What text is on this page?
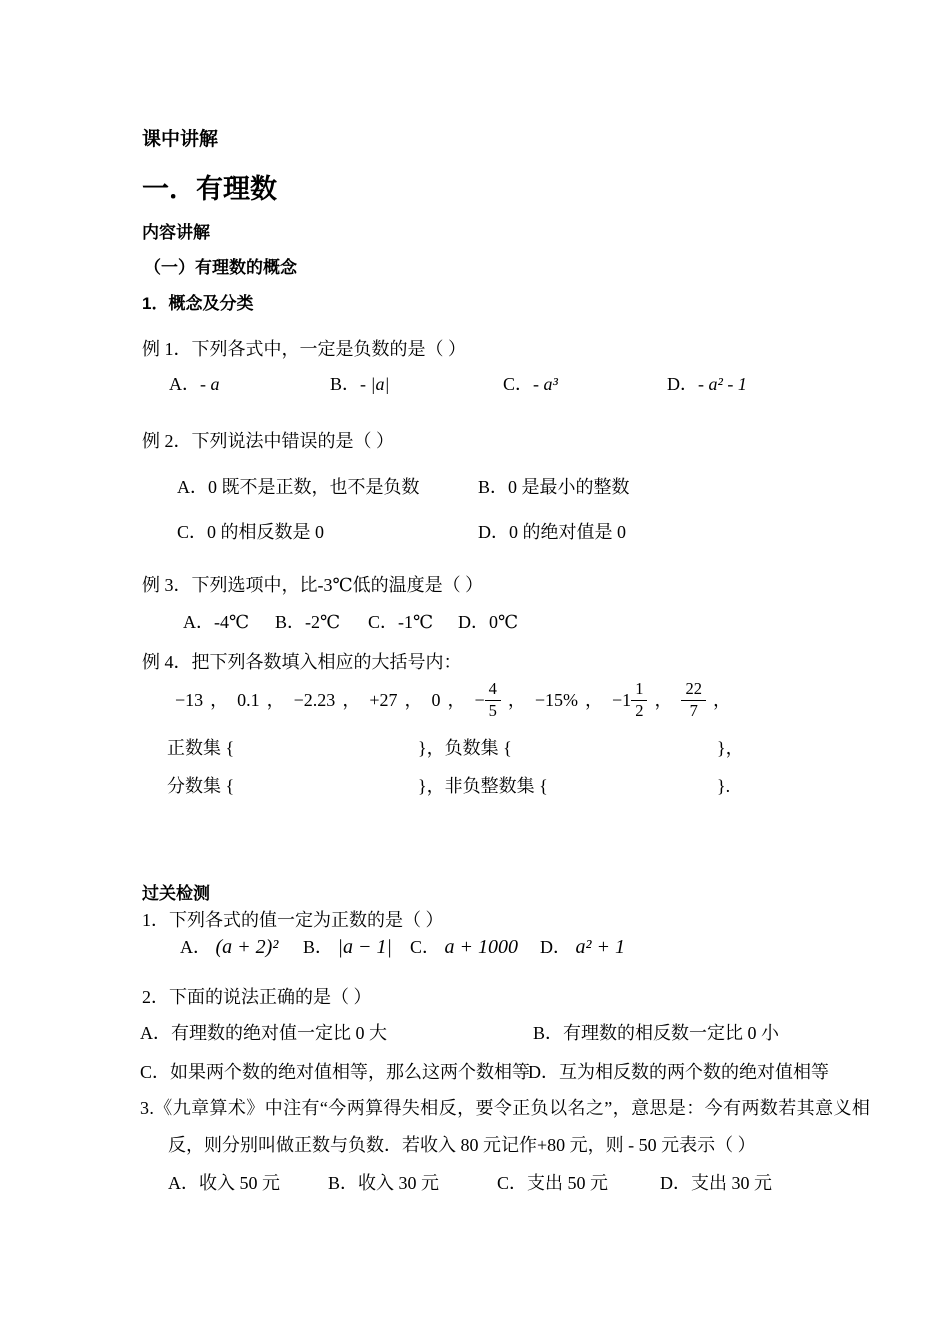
课中讲解
一．有理数
内容讲解
（一）有理数的概念
1．概念及分类
例 1．下列各式中，一定是负数的是（ ）
A．- a	B．- |a|	C．- a³	D．- a² - 1
例 2．下列说法中错误的是（ ）
A．0 既不是正数，也不是负数	B．0 是最小的整数
C．0 的相反数是 0	D．0 的绝对值是 0
例 3．下列选项中，比-3℃低的温度是（ ）
A．-4℃ B．-2℃ C．-1℃ D．0℃
例 4．把下列各数填入相应的大括号内：
−13 ， 0.1 ， −2.23 ， +27 ， 0 ， − $\frac{4}{5}$ ， −15% ， $-1 \frac{1}{2}$ ， $\frac{22}{7}$ ，
正数集 {	}，负数集 {	}，
分数集 {	}，非负整数集 {	}.
过关检测
1．下列各式的值一定为正数的是（ ）
A． (a + 2)² B． |a − 1| C． a + 1000 D． a² + 1
2．下面的说法正确的是（ ）
A．有理数的绝对值一定比 0 大	B．有理数的相反数一定比 0 小
C．如果两个数的绝对值相等，那么这两个数相等
D．互为相反数的两个数的绝对值相等
3.《九章算术》中注有“今两算得失相反，要令正负以名之”，意思是：今有两数若其意义相
反，则分别叫做正数与负数．若收入 80 元记作+80 元，则 - 50 元表示（ ）
A．收入 50 元	B．收入 30 元	C．支出 50 元	D．支出 30 元
